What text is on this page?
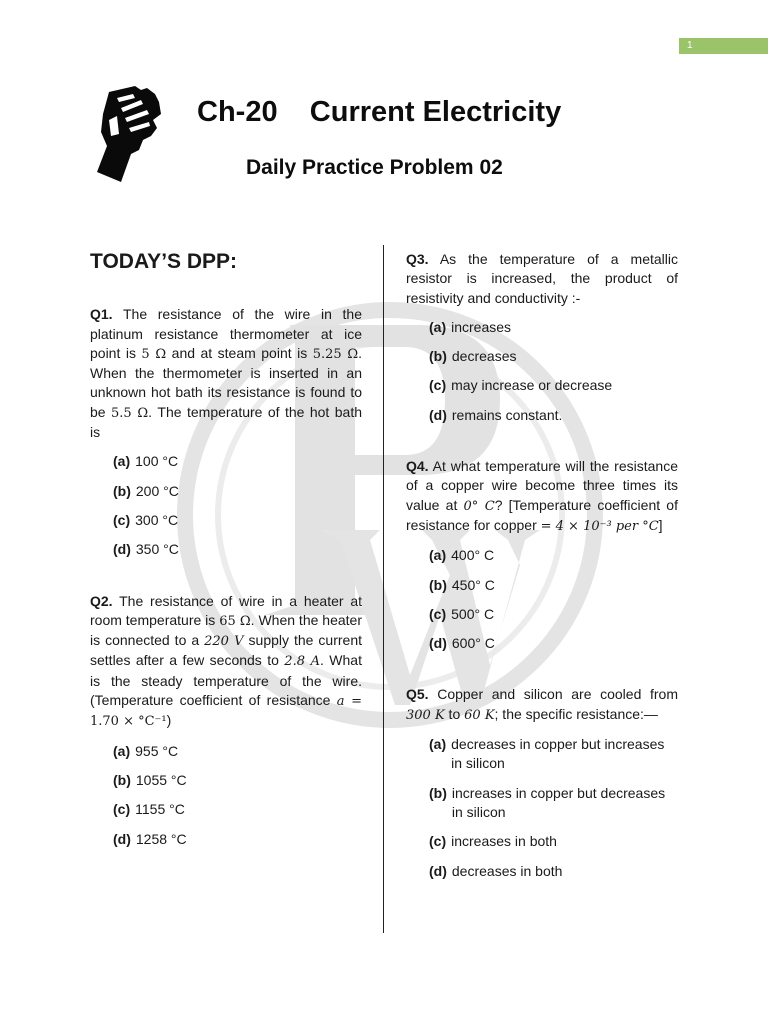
1
Ch-20    Current Electricity
Daily Practice Problem 02
TODAY’S DPP:
Q1. The resistance of the wire in the platinum resistance thermometer at ice point is 5 Ω and at steam point is 5.25 Ω. When the thermometer is inserted in an unknown hot bath its resistance is found to be 5.5 Ω. The temperature of the hot bath is
(a) 100 °C
(b) 200 °C
(c) 300 °C
(d) 350 °C
Q2. The resistance of wire in a heater at room temperature is 65 Ω. When the heater is connected to a 220 V supply the current settles after a few seconds to 2.8 A. What is the steady temperature of the wire. (Temperature coefficient of resistance a = 1.70 × °C⁻¹)
(a) 955 °C
(b) 1055 °C
(c) 1155 °C
(d) 1258 °C
Q3. As the temperature of a metallic resistor is increased, the product of resistivity and conductivity :-
(a) increases
(b) decreases
(c) may increase or decrease
(d) remains constant.
Q4. At what temperature will the resistance of a copper wire become three times its value at 0° C? [Temperature coefficient of resistance for copper = 4 × 10⁻³ per °C]
(a) 400° C
(b) 450° C
(c) 500° C
(d) 600° C
Q5. Copper and silicon are cooled from 300 K to 60 K; the specific resistance:—
(a) decreases in copper but increases in silicon
(b) increases in copper but decreases in silicon
(c) increases in both
(d) decreases in both
